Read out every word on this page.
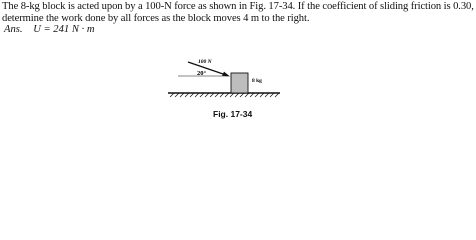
The 8-kg block is acted upon by a 100-N force as shown in Fig. 17-34. If the coefficient of sliding friction is 0.30, determine the work done by all forces as the block moves 4 m to the right.
Ans. U = 241 N · m
100 N
20°
8 kg
Fig. 17-34
